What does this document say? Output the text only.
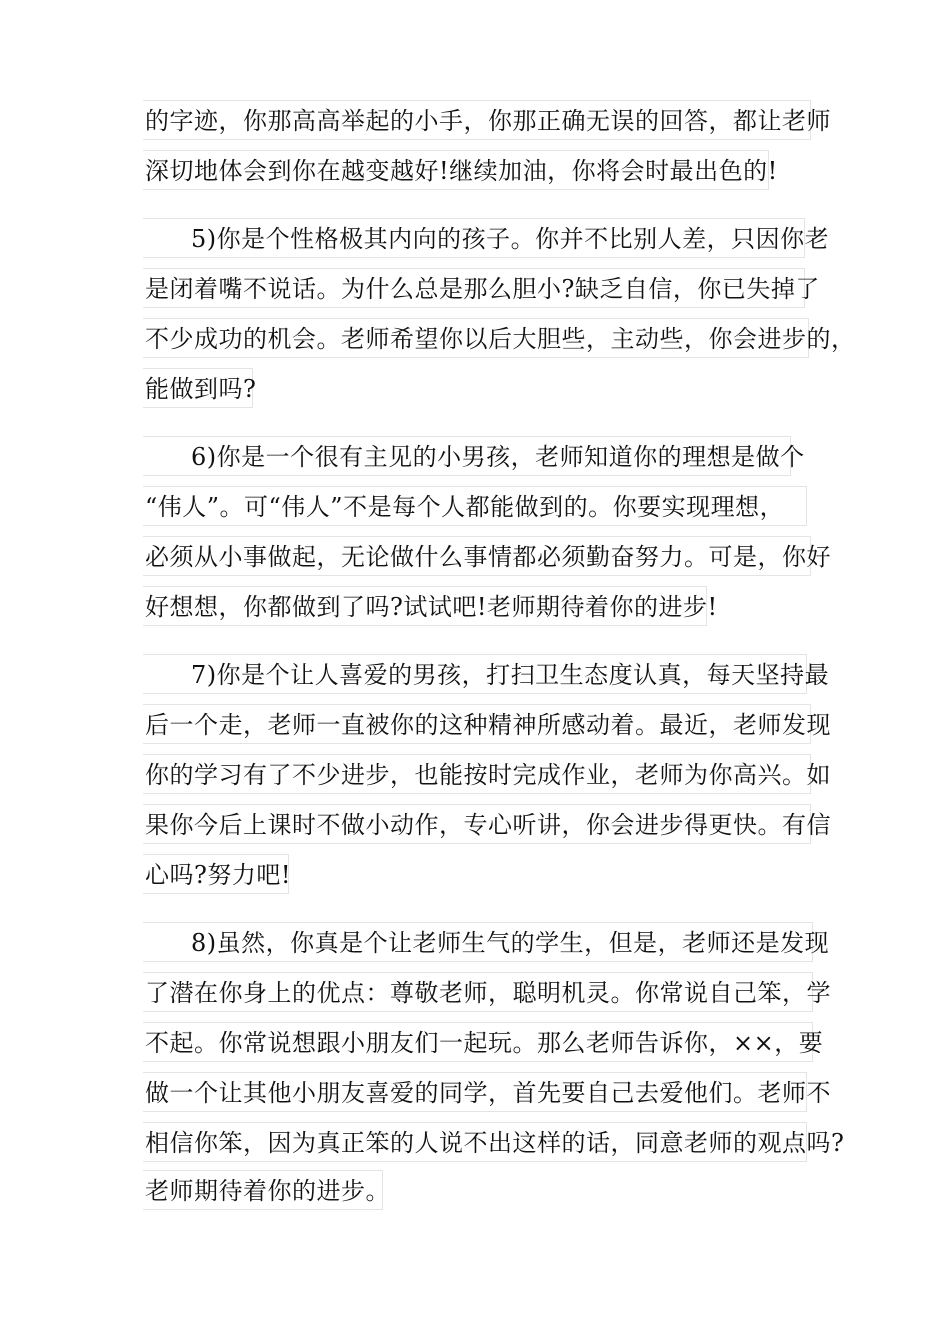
的字迹，你那高高举起的小手，你那正确无误的回答，都让老师
深切地体会到你在越变越好!继续加油，你将会时最出色的!
5)你是个性格极其内向的孩子。你并不比别人差，只因你老
是闭着嘴不说话。为什么总是那么胆小?缺乏自信，你已失掉了
不少成功的机会。老师希望你以后大胆些，主动些，你会进步的，
能做到吗?
6)你是一个很有主见的小男孩，老师知道你的理想是做个
“伟人”。可“伟人”不是每个人都能做到的。你要实现理想，
必须从小事做起，无论做什么事情都必须勤奋努力。可是，你好
好想想，你都做到了吗?试试吧!老师期待着你的进步!
7)你是个让人喜爱的男孩，打扫卫生态度认真，每天坚持最
后一个走，老师一直被你的这种精神所感动着。最近，老师发现
你的学习有了不少进步，也能按时完成作业，老师为你高兴。如
果你今后上课时不做小动作，专心听讲，你会进步得更快。有信
心吗?努力吧!
8)虽然，你真是个让老师生气的学生，但是，老师还是发现
了潜在你身上的优点：尊敬老师，聪明机灵。你常说自己笨，学
不起。你常说想跟小朋友们一起玩。那么老师告诉你，××，要
做一个让其他小朋友喜爱的同学，首先要自己去爱他们。老师不
相信你笨，因为真正笨的人说不出这样的话，同意老师的观点吗?
老师期待着你的进步。
